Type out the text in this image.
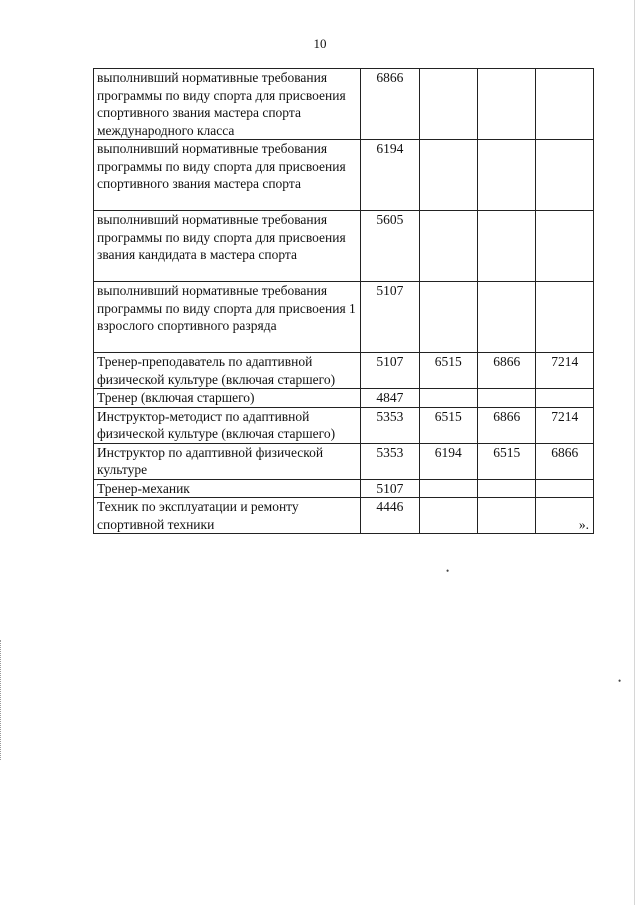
10
выполнивший нормативные требования программы по виду спорта для присвоения спортивного звания мастера спорта международного класса	6866			
выполнивший нормативные требования программы по виду спорта для присвоения спортивного звания мастера спорта	6194			
выполнивший нормативные требования программы по виду спорта для присвоения звания кандидата в мастера спорта	5605			
выполнивший нормативные требования программы по виду спорта для присвоения 1 взрослого спортивного разряда	5107			
Тренер-преподаватель по адаптивной физической культуре (включая старшего)	5107	6515	6866	7214
Тренер (включая старшего)	4847			
Инструктор-методист по адаптивной физической культуре (включая старшего)	5353	6515	6866	7214
Инструктор по адаптивной физической культуре	5353	6194	6515	6866
Тренер-механик	5107			
Техник по эксплуатации и ремонту спортивной техники	4446			».
•
•
